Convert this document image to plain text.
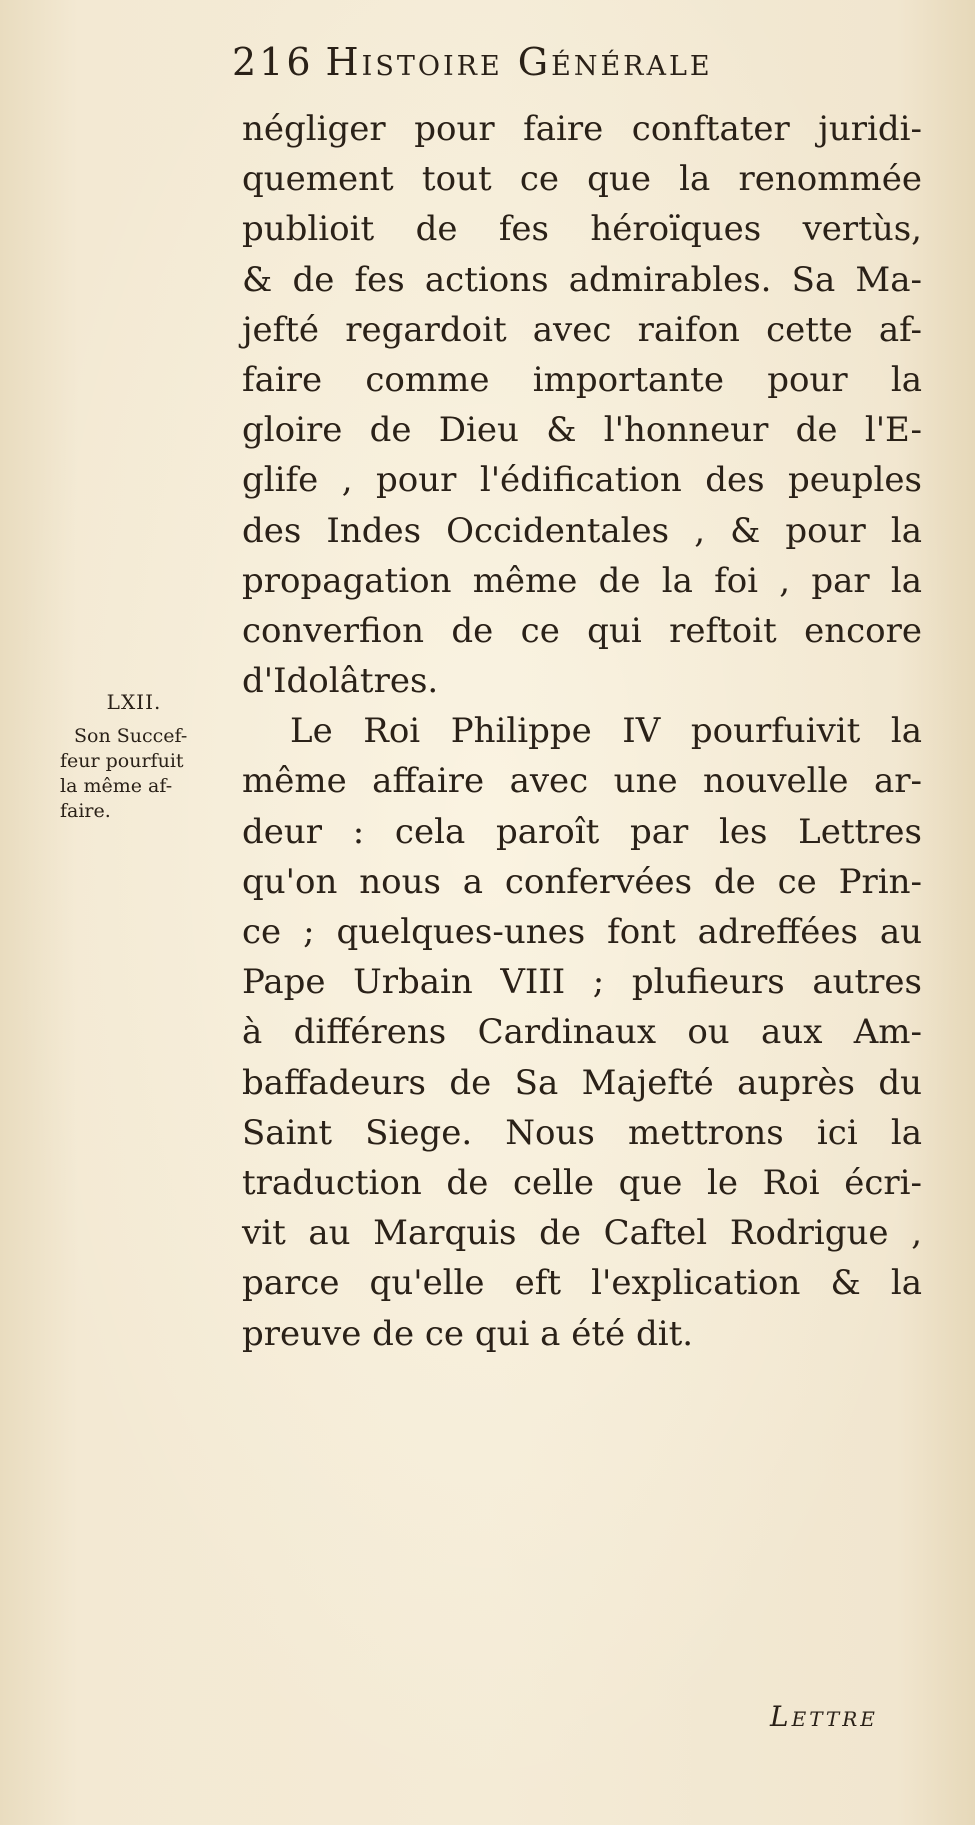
216 Histoire Générale
négliger pour faire conftater juridi-
quement tout ce que la renommée
publioit de fes héroïques vertùs,
& de fes actions admirables. Sa Ma-
jefté regardoit avec raifon cette af-
faire comme importante pour la
gloire de Dieu & l'honneur de l'E-
glife , pour l'édification des peuples
des Indes Occidentales , & pour la
propagation même de la foi , par la
converfion de ce qui reftoit encore
d'Idolâtres.
Le Roi Philippe IV pourfuivit la
même affaire avec une nouvelle ar-
deur : cela paroît par les Lettres
qu'on nous a confervées de ce Prin-
ce ; quelques-unes font adreffées au
Pape Urbain VIII ; plufieurs autres
à différens Cardinaux ou aux Am-
baffadeurs de Sa Majefté auprès du
Saint Siege. Nous mettrons ici la
traduction de celle que le Roi écri-
vit au Marquis de Caftel Rodrigue ,
parce qu'elle eft l'explication & la
preuve de ce qui a été dit.
LXII.
Son Succef-
feur pourfuit
la même af-
faire.
Lettre
